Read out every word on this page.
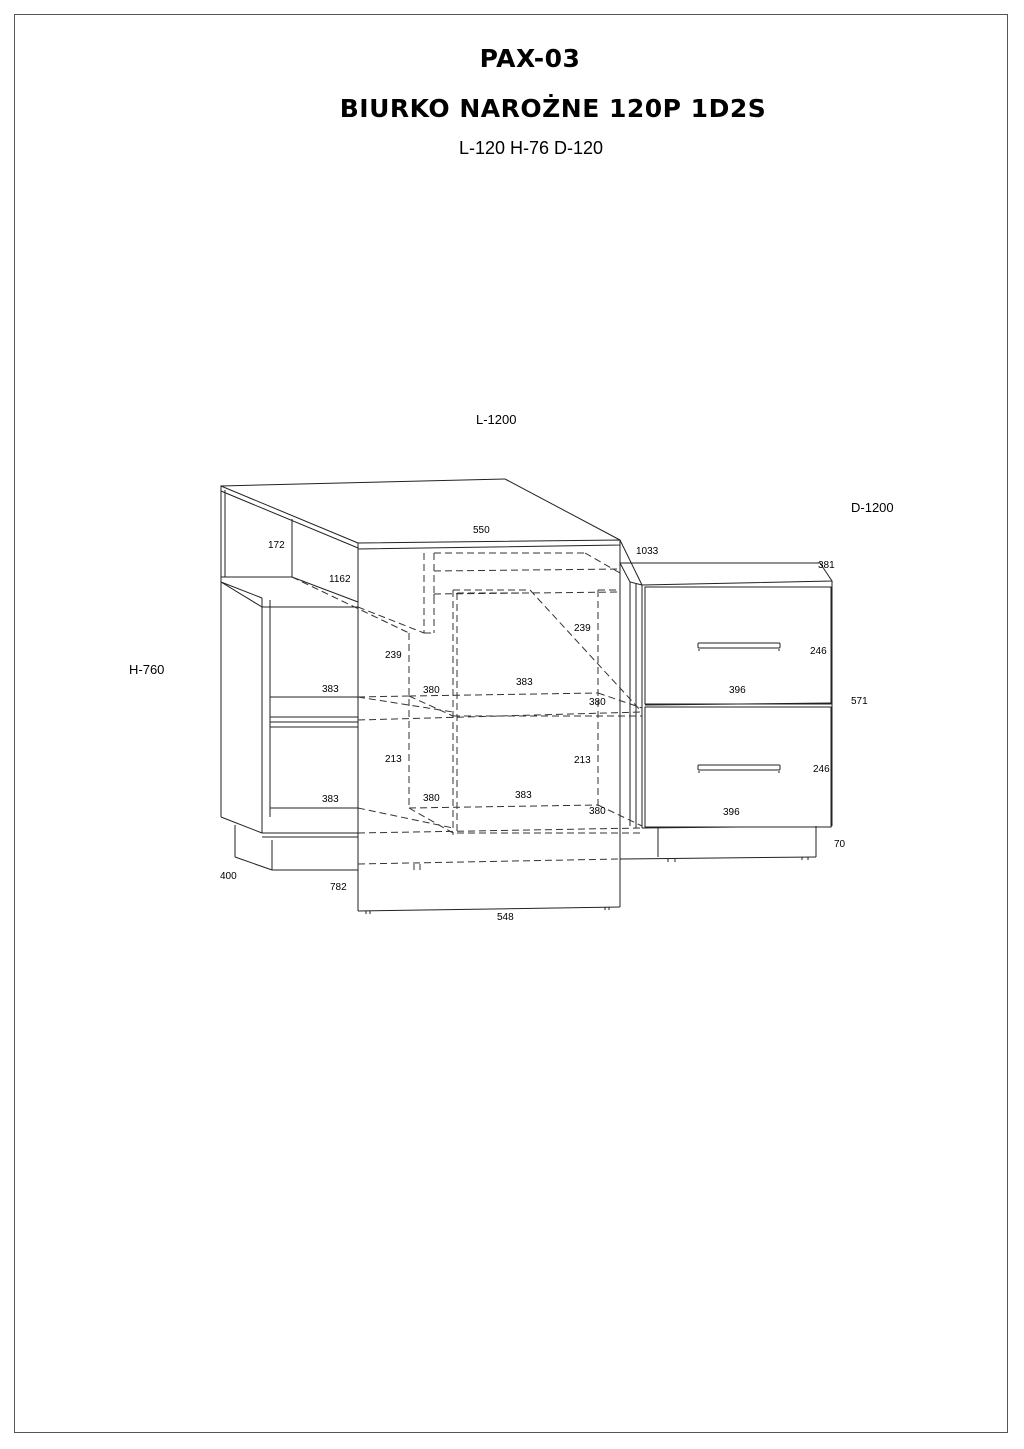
PAX-03
BIURKO NAROŻNE 120P 1D2S
L-120 H-76 D-120
L-1200
D-1200
H-760
550
1033
381
172
1162
239
239
383	380
383
380
246
396
571
213	213
383	380	383
380
246
396
70
400
782
548
